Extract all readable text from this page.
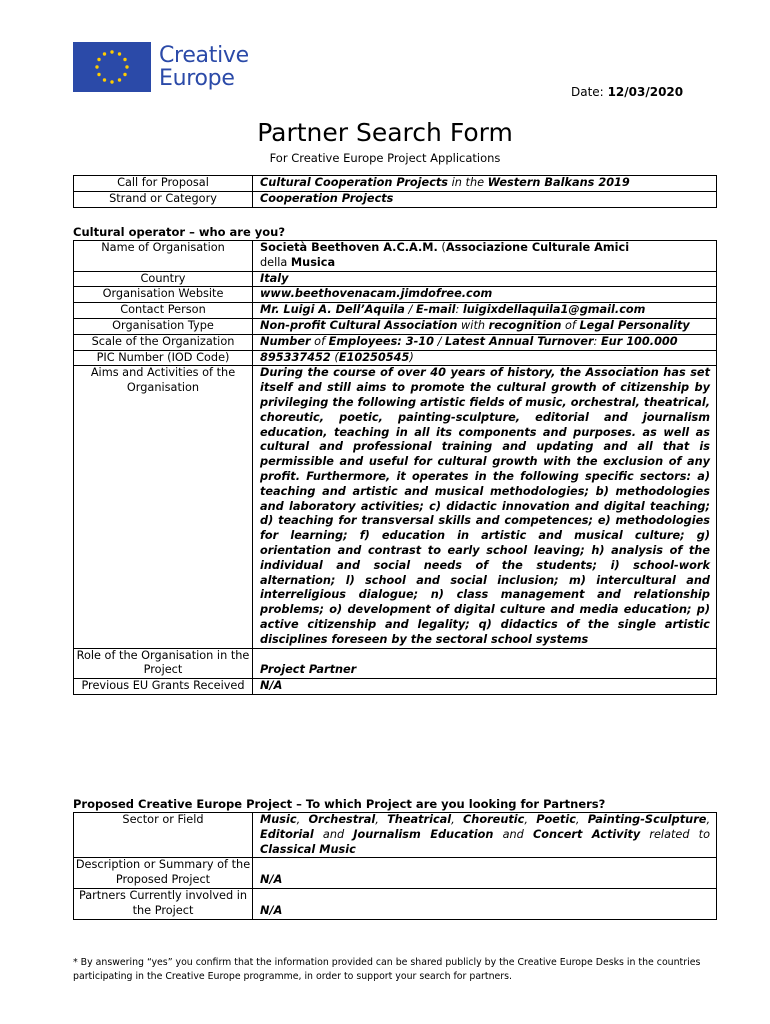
Creative
Europe
Date: 12/03/2020
Partner Search Form
For Creative Europe Project Applications
Call for Proposal	Cultural Cooperation Projects in the Western Balkans 2019
Strand or Category	Cooperation Projects
Cultural operator – who are you?
Name of Organisation	Società Beethoven A.C.A.M. (Associazione Culturale Amici
della Musica
Country	Italy
Organisation Website	www.beethovenacam.jimdofree.com
Contact Person	Mr. Luigi A. Dell’Aquila / E-mail: luigixdellaquila1@gmail.com
Organisation Type	Non-profit Cultural Association with recognition of Legal Personality
Scale of the Organization	Number of Employees: 3-10 / Latest Annual Turnover: Eur 100.000
PIC Number (IOD Code)	895337452 (E10250545)
Aims and Activities of the Organisation	During the course of over 40 years of history, the Association has set itself and still aims to promote the cultural growth of citizenship by privileging the following artistic fields of music, orchestral, theatrical, choreutic, poetic, painting-sculpture, editorial and journalism education, teaching in all its components and purposes. as well as cultural and professional training and updating and all that is permissible and useful for cultural growth with the exclusion of any profit. Furthermore, it operates in the following specific sectors: a) teaching and artistic and musical methodologies; b) methodologies and laboratory activities; c) didactic innovation and digital teaching; d) teaching for transversal skills and competences; e) methodologies for learning; f) education in artistic and musical culture; g) orientation and contrast to early school leaving; h) analysis of the individual and social needs of the students; i) school-work alternation; l) school and social inclusion; m) intercultural and interreligious dialogue; n) class management and relationship problems; o) development of digital culture and media education; p) active citizenship and legality; q) didactics of the single artistic disciplines foreseen by the sectoral school systems
Role of the Organisation in the Project	Project Partner
Previous EU Grants Received	N/A
Proposed Creative Europe Project – To which Project are you looking for Partners?
Sector or Field	Music, Orchestral, Theatrical, Choreutic, Poetic, Painting-Sculpture, Editorial and Journalism Education and Concert Activity related to Classical Music
Description or Summary of the Proposed Project	N/A
Partners Currently involved in the Project	N/A
* By answering “yes” you confirm that the information provided can be shared publicly by the Creative Europe Desks in the countries participating in the Creative Europe programme, in order to support your search for partners.
